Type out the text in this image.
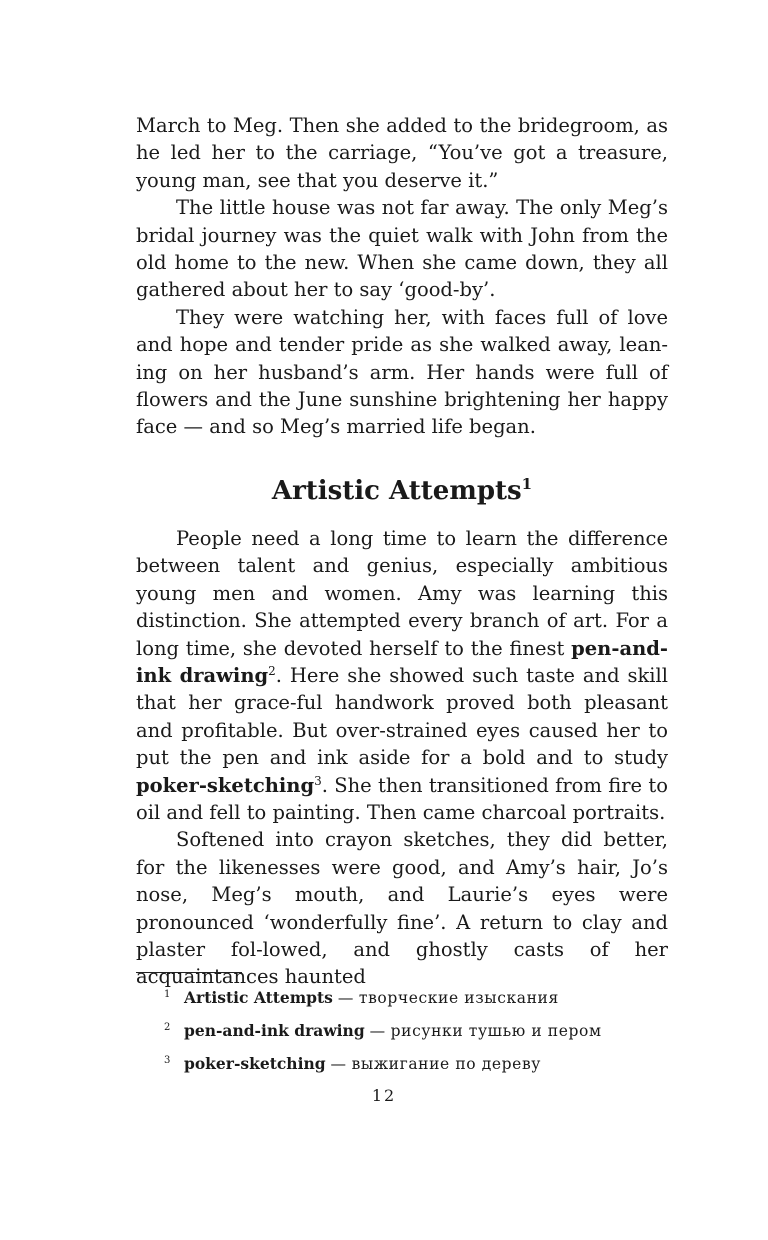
March to Meg. Then she added to the bridegroom, as he led her to the carriage, “You’ve got a treasure, young man, see that you deserve it.”

The little house was not far away. The only Meg’s bridal journey was the quiet walk with John from the old home to the new. When she came down, they all gathered about her to say ‘good-by’.

They were watching her, with faces full of love and hope and tender pride as she walked away, lean-ing on her husband’s arm. Her hands were full of flowers and the June sunshine brightening her happy face — and so Meg’s married life began.

Artistic Attempts$^1$

People need a long time to learn the difference between talent and genius, especially ambitious young men and women. Amy was learning this distinction. She attempted every branch of art. For a long time, she devoted herself to the finest pen-and-ink drawing$^2$. Here she showed such taste and skill that her grace-ful handwork proved both pleasant and profitable. But over-strained eyes caused her to put the pen and ink aside for a bold and to study poker-sketching$^3$. She then transitioned from fire to oil and fell to painting. Then came charcoal portraits.

Softened into crayon sketches, they did better, for the likenesses were good, and Amy’s hair, Jo’s nose, Meg’s mouth, and Laurie’s eyes were pronounced ‘wonderfully fine’. A return to clay and plaster fol-lowed, and ghostly casts of her acquaintances haunted

1 Artistic Attempts — творческие изыскания
2 pen-and-ink drawing — рисунки тушью и пером
3 poker-sketching — выжигание по дереву
12
